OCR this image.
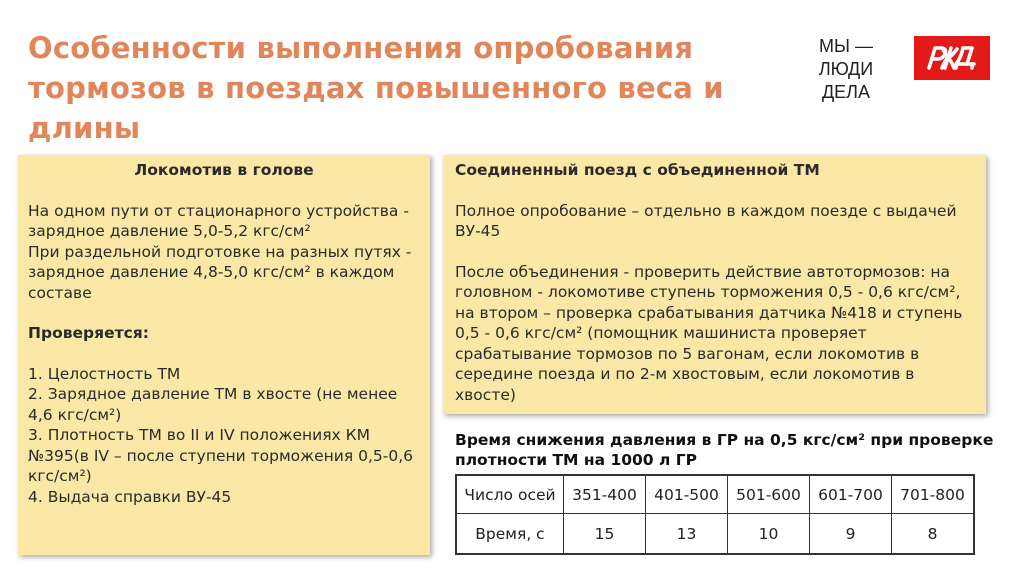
Особенности выполнения опробования тормозов в поездах повышенного веса и длины
МЫ — ЛЮДИ
ДЕЛА
Локомотив в голове

На одном пути от стационарного устройства - зарядное давление 5,0-5,2 кгс/см²

При раздельной подготовке на разных путях - зарядное давление 4,8-5,0 кгс/см² в каждом составе

Проверяется:
1. Целостность ТМ
2. Зарядное давление ТМ в хвосте (не менее 4,6 кгс/см²)
3. Плотность ТМ во II и IV положениях КМ №395(в IV – после ступени торможения 0,5-0,6 кгс/см²)
4. Выдача справки ВУ-45
Соединенный поезд с объединенной ТМ

Полное опробование – отдельно в каждом поезде с выдачей ВУ-45

После объединения - проверить действие автотормозов: на головном - локомотиве ступень торможения 0,5 - 0,6 кгс/см², на втором – проверка срабатывания датчика №418 и ступень 0,5 - 0,6 кгс/см² (помощник машиниста проверяет срабатывание тормозов по 5 вагонам, если локомотив в середине поезда и по 2-м хвостовым, если локомотив в хвосте)

Время снижения давления в ГР на 0,5 кгс/см² при проверке плотности ТМ на 1000 л ГР
Число осей	351-400	401-500	501-600	601-700	701-800
Время, с	15	13	10	9	8
